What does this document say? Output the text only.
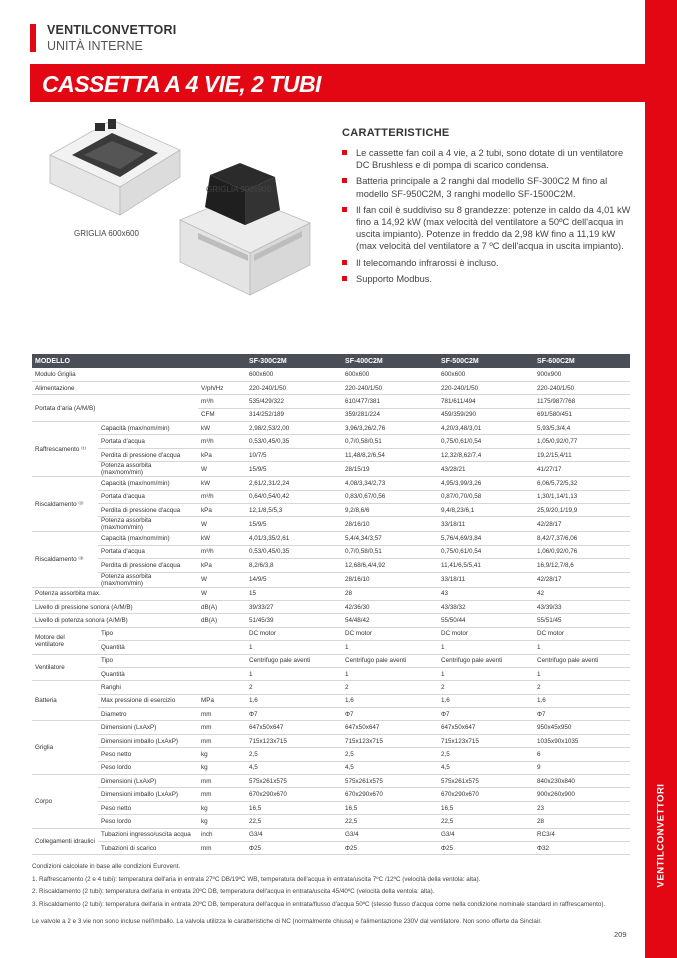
VENTILCONVETTORI
VENTILCONVETTORI
UNITÀ INTERNE
CASSETTA A 4 VIE, 2 TUBI
GRIGLIA 900x900
GRIGLIA 600x600
CARATTERISTICHE
Le cassette fan coil a 4 vie, a 2 tubi, sono dotate di un ventilatore DC Brushless e di pompa di scarico condensa.
Batteria principale a 2 ranghi dal modello SF-300C2 M fino al modello SF-950C2M, 3 ranghi modello SF-1500C2M.
Il fan coil è suddiviso su 8 grandezze: potenze in caldo da 4,01 kW fino a 14,92 kW (max velocità del ventilatore a 50ºC dell'acqua in uscita impianto). Potenze in freddo da 2,98 kW fino a 11,19 kW (max velocità del ventilatore a 7 ºC dell'acqua in uscita impianto).
Il telecomando infrarossi è incluso.
Supporto Modbus.
MODELLO			SF-300C2M	SF-400C2M	SF-500C2M	SF-600C2M
Modulo Griglia			600x600	600x600	600x600	900x900
Alimentazione		V/ph/Hz	220-240/1/50	220-240/1/50	220-240/1/50	220-240/1/50
Portata d'aria (A/M/B)		m³/h	535/429/322	610/477/381	781/611/494	1175/987/768
		CFM	314/252/189	359/281/224	459/359/290	691/580/451
Raffrescamento ⁽¹⁾	Capacità (max/nom/min)	kW	2,98/2,53/2,00	3,96/3,26/2,76	4,20/3,48/3,01	5,93/5,3/4,4
	Portata d'acqua	m³/h	0,53/0,45/0,35	0,7/0,58/0,51	0,75/0,61/0,54	1,05/0,92/0,77
	Perdita di pressione d'acqua	kPa	10/7/5	11,48/8,2/6,54	12,32/8,62/7,4	19,2/15,4/11
	Potenza assorbita (max/nom/min)	W	15/9/5	28/15/19	43/28/21	41/27/17
Riscaldamento ⁽²⁾	Capacità (max/nom/min)	kW	2,61/2,31/2,24	4,08/3,34/2,73	4,95/3,99/3,26	6,06/5,72/5,32
	Portata d'acqua	m³/h	0,64/0,54/0,42	0,83/0,67/0,56	0,87/0,70/0,58	1,30/1,14/1,13
	Perdita di pressione d'acqua	kPa	12,1/8,5/5,3	9,2/8,6/6	9,4/8,23/6,1	25,9/20,1/19,9
	Potenza assorbita (max/nom/min)	W	15/9/5	28/16/10	33/18/11	42/28/17
Riscaldamento ⁽³⁾	Capacità (max/nom/min)	kW	4,01/3,35/2,61	5,4/4,34/3,57	5,76/4,69/3,84	8,42/7,37/6,06
	Portata d'acqua	m³/h	0,53/0,45/0,35	0,7/0,58/0,51	0,75/0,61/0,54	1,06/0,92/0,76
	Perdita di pressione d'acqua	kPa	8,2/6/3,8	12,68/6,4/4,92	11,41/6,5/5,41	16,9/12,7/8,6
	Potenza assorbita (max/nom/min)	W	14/9/5	28/16/10	33/18/11	42/28/17
Potenza assorbita max.		W	15	28	43	42
Livello di pressione sonora (A/M/B)		dB(A)	39/33/27	42/36/30	43/38/32	43/39/33
Livello di potenza sonora (A/M/B)		dB(A)	51/45/39	54/48/42	55/50/44	55/51/45
Motore del ventilatore	Tipo		DC motor	DC motor	DC motor	DC motor
	Quantità		1	1	1	1
Ventilatore	Tipo		Centrifugo pale aventi	Centrifugo pale aventi	Centrifugo pale aventi	Centrifugo pale aventi
	Quantità		1	1	1	1
Batteria	Ranghi		2	2	2	2
	Max pressione di esercizio	MPa	1,6	1,6	1,6	1,6
	Diametro	mm	Φ7	Φ7	Φ7	Φ7
Griglia	Dimensioni (LxAxP)	mm	647x50x647	647x50x647	647x50x647	950x45x950
	Dimensioni imballo (LxAxP)	mm	715x123x715	715x123x715	715x123x715	1035x90x1035
	Peso netto	kg	2,5	2,5	2,5	6
	Peso lordo	kg	4,5	4,5	4,5	9
Corpo	Dimensioni (LxAxP)	mm	575x261x575	575x261x575	575x261x575	840x230x840
	Dimensioni imballo (LxAxP)	mm	670x290x670	670x290x670	670x290x670	900x260x900
	Peso netto	kg	16,5	16,5	16,5	23
	Peso lordo	kg	22,5	22,5	22,5	28
Collegamenti idraulici	Tubazioni ingresso/uscita acqua	inch	G3/4	G3/4	G3/4	RC3/4
	Tubazioni di scarico	mm	Φ25	Φ25	Φ25	Φ32

Condizioni calcolate in base alle condizioni Eurovent.

1. Raffrescamento (2 e 4 tubi): temperatura dell'aria in entrata 27ºC DB/19ºC WB, temperatura dell'acqua in entrata/uscita 7ºC /12ºC (velocità della ventola: alta).

2. Riscaldamento (2 tubi): temperatura dell'aria in entrata 20ºC DB, temperatura dell'acqua in entrata/uscita 45/40ºC (velocità della ventola: alta).

3. Riscaldamento (2 tubi): temperatura dell'aria in entrata 20ºC DB, temperatura dell'acqua in entrata/flusso d'acqua 50ºC (stesso flusso d'acqua come nella condizione nominale standard in raffrescamento).

Le valvole a 2 e 3 vie non sono incluse nell'imballo. La valvola utilizza le caratteristiche di NC (normalmente chiusa) e l'alimentazione 230V dal ventilatore. Non sono offerte da Sinclair.

209
